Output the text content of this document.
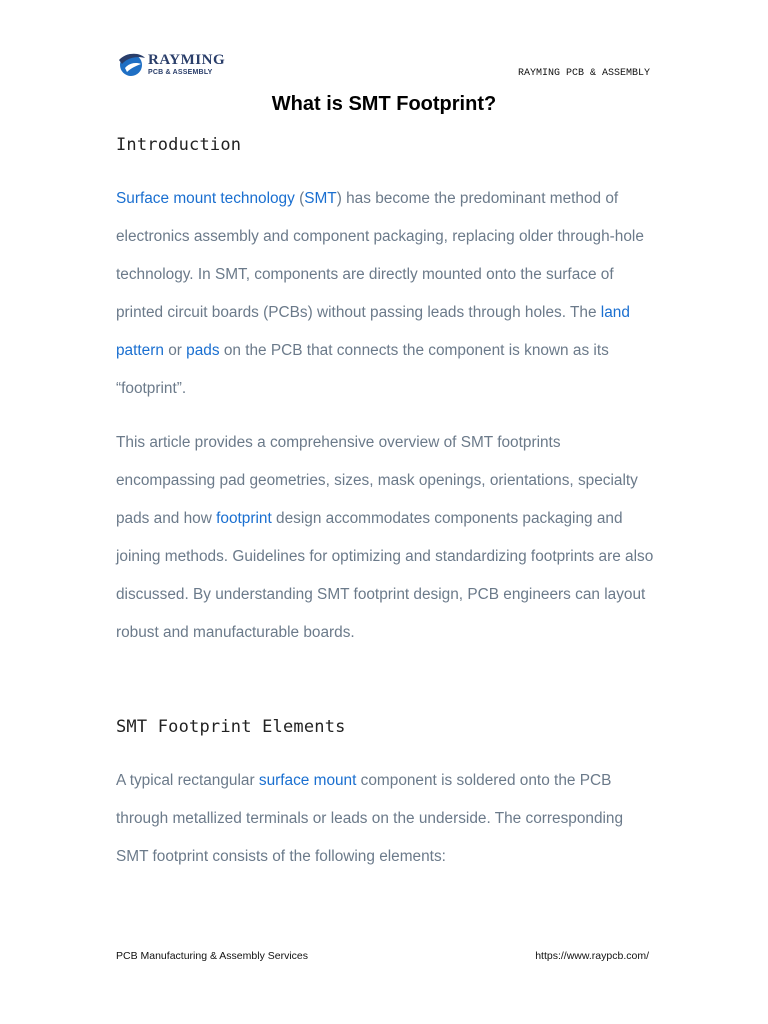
RAYMING
PCB & ASSEMBLY	RAYMING PCB & ASSEMBLY
What is SMT Footprint?
Introduction

Surface mount technology (SMT) has become the predominant method of electronics assembly and component packaging, replacing older through-hole technology. In SMT, components are directly mounted onto the surface of printed circuit boards (PCBs) without passing leads through holes. The land pattern or pads on the PCB that connects the component is known as its “footprint”.

This article provides a comprehensive overview of SMT footprints encompassing pad geometries, sizes, mask openings, orientations, specialty pads and how footprint design accommodates components packaging and joining methods. Guidelines for optimizing and standardizing footprints are also discussed. By understanding SMT footprint design, PCB engineers can layout robust and manufacturable boards.

SMT Footprint Elements

A typical rectangular surface mount component is soldered onto the PCB through metallized terminals or leads on the underside. The corresponding SMT footprint consists of the following elements:

PCB Manufacturing & Assembly Services	https://www.raypcb.com/
